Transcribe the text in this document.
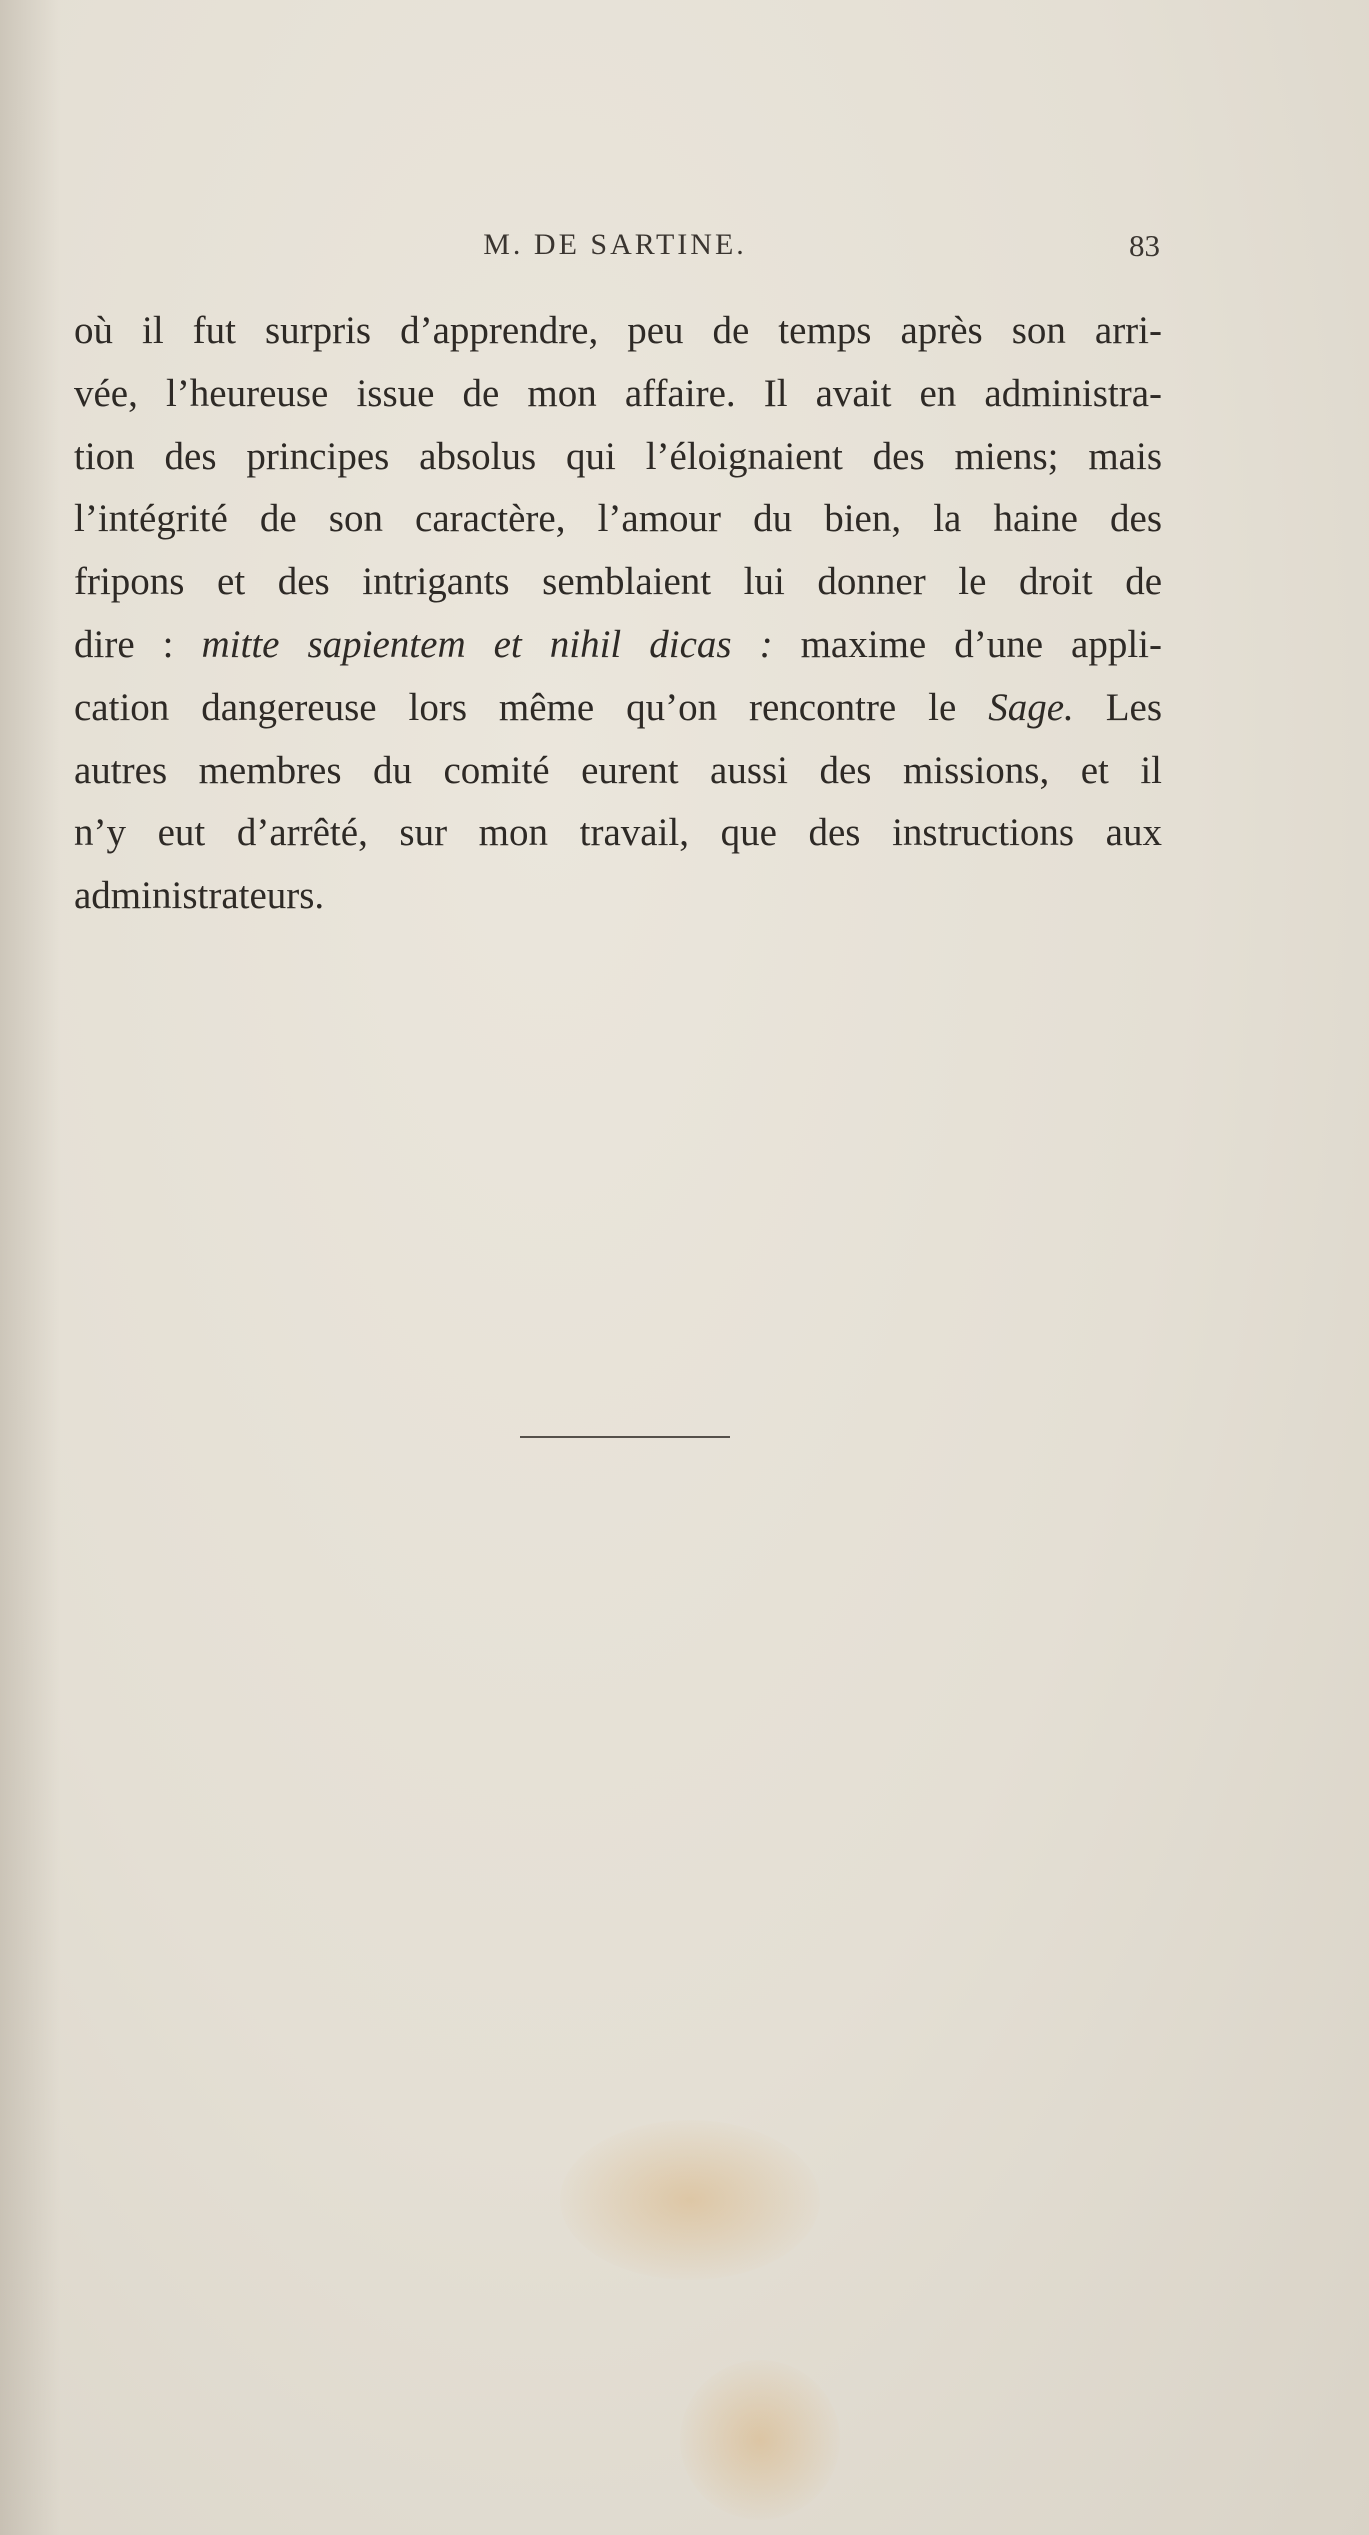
M. DE SARTINE.	83
où il fut surpris d’apprendre, peu de temps après son arri-
vée, l’heureuse issue de mon affaire. Il avait en administra-
tion des principes absolus qui l’éloignaient des miens; mais
l’intégrité de son caractère, l’amour du bien, la haine des
fripons et des intrigants semblaient lui donner le droit de
dire : mitte sapientem et nihil dicas : maxime d’une appli-
cation dangereuse lors même qu’on rencontre le Sage. Les
autres membres du comité eurent aussi des missions, et il
n’y eut d’arrêté, sur mon travail, que des instructions aux
administrateurs.
